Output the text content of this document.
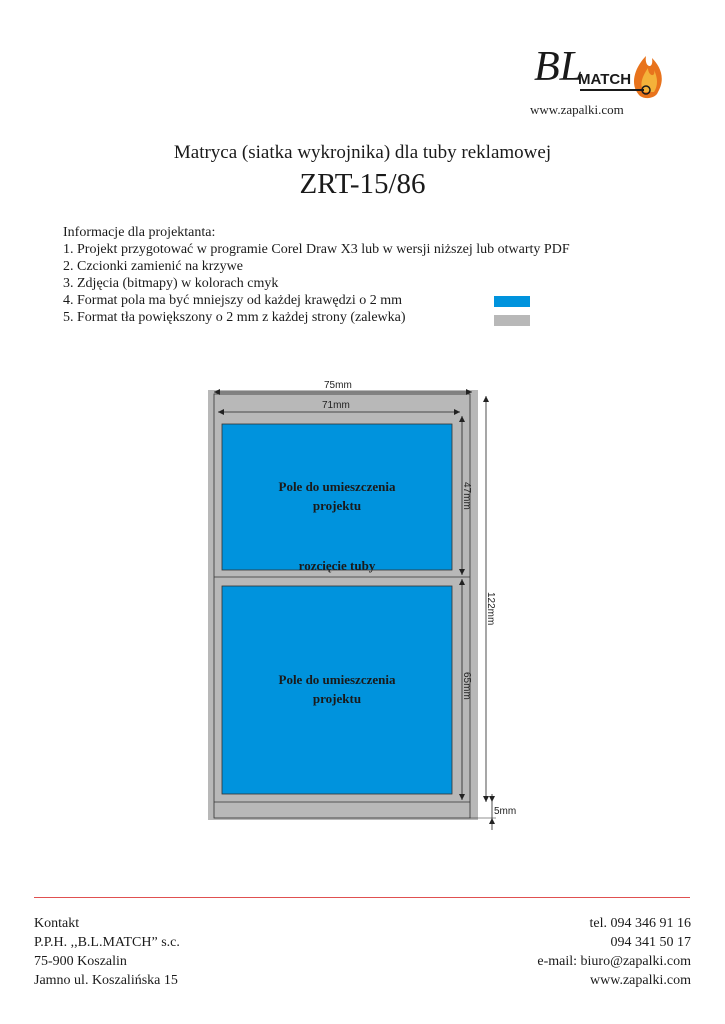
BL
MATCH
www.zapalki.com
Matryca (siatka wykrojnika) dla tuby reklamowej
ZRT-15/86
Informacje dla projektanta:
1. Projekt przygotować w programie Corel Draw X3 lub w wersji niższej lub otwarty PDF
2. Czcionki zamienić na krzywe
3. Zdjęcia (bitmapy) w kolorach cmyk
4. Format pola ma być mniejszy od każdej krawędzi o 2 mm
5. Format tła powiększony o 2 mm z każdej strony (zalewka)
75mm
71mm
47mm
65mm
122mm
5mm
Pole do umieszczenia
projektu
rozcięcie tuby
Pole do umieszczenia
projektu
Kontakt
P.P.H. ,,B.L.MATCH” s.c.
75-900 Koszalin
Jamno ul. Koszalińska 15
tel. 094 346 91 16
094 341 50 17
e-mail: biuro@zapalki.com
www.zapalki.com
